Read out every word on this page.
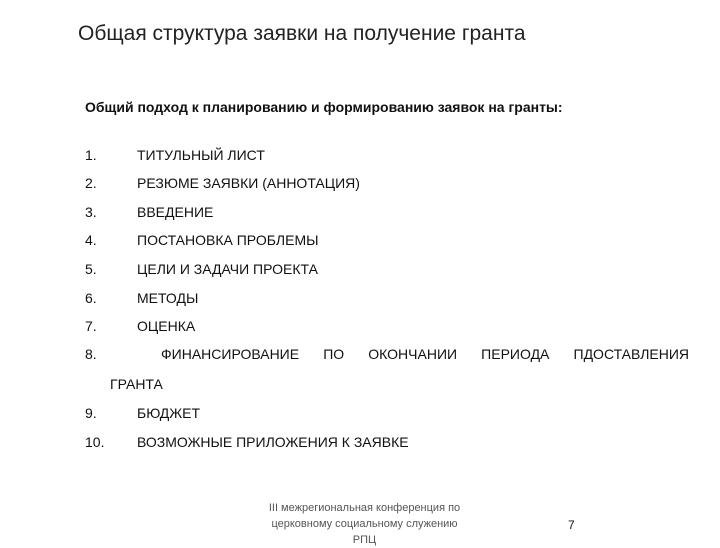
Общая структура заявки на получение гранта
Общий подход к планированию и формированию заявок на гранты:
1.	ТИТУЛЬНЫЙ ЛИСТ
2.	РЕЗЮМЕ ЗАЯВКИ (АННОТАЦИЯ)
3.	ВВЕДЕНИЕ
4.	ПОСТАНОВКА ПРОБЛЕМЫ
5.	ЦЕЛИ И ЗАДАЧИ ПРОЕКТА
6.	МЕТОДЫ
7.	ОЦЕНКА
8.	ФИНАНСИРОВАНИЕ ПО ОКОНЧАНИИ ПЕРИОДА ПДОСТАВЛЕНИЯ
ГРАНТА
9.	БЮДЖЕТ
10. ВОЗМОЖНЫЕ ПРИЛОЖЕНИЯ К ЗАЯВКЕ
III межрегиональная конференция по
церковному социальному служению
РПЦ
7
